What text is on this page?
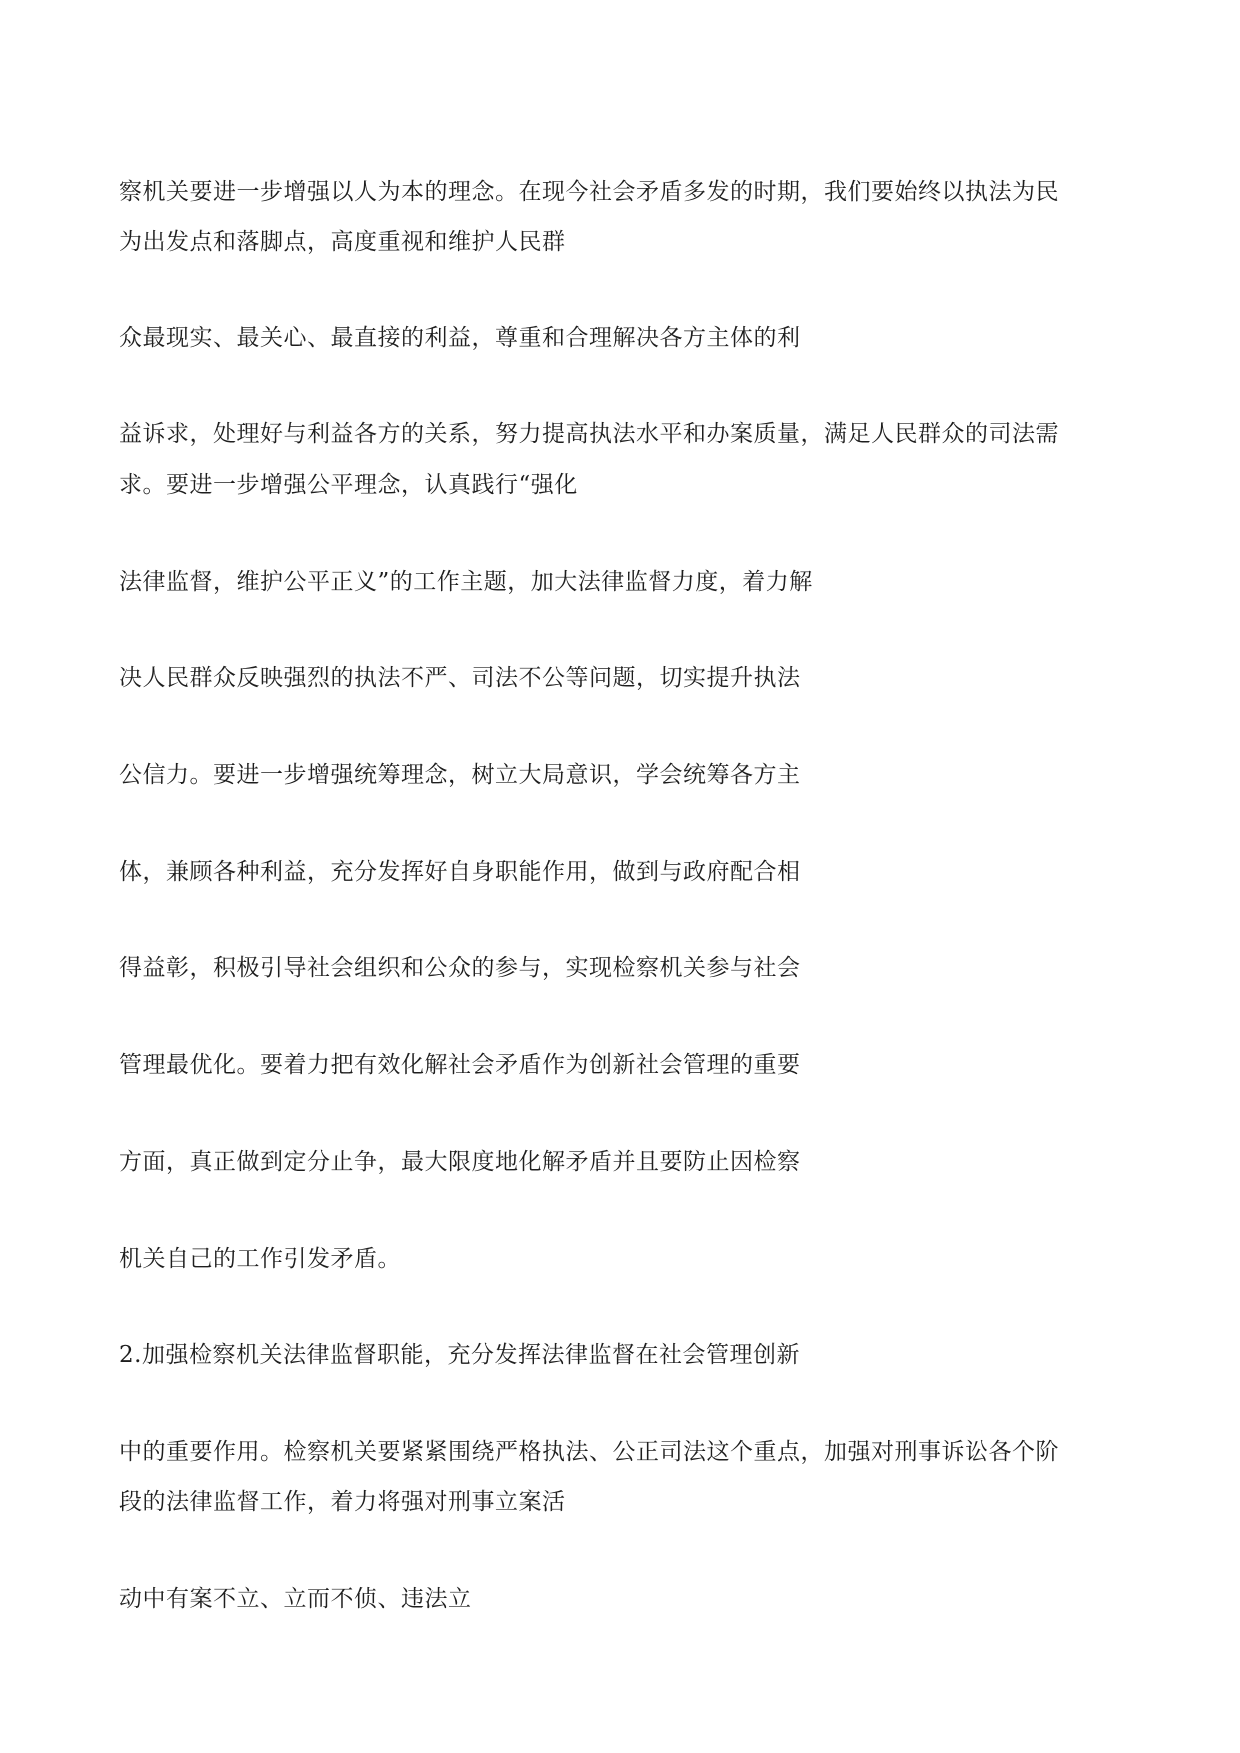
察机关要进一步增强以人为本的理念。在现今社会矛盾多发的时期，我们要始终以执法为民

为出发点和落脚点，高度重视和维护人民群

众最现实、最关心、最直接的利益，尊重和合理解决各方主体的利

益诉求，处理好与利益各方的关系，努力提高执法水平和办案质量，满足人民群众的司法需

求。要进一步增强公平理念，认真践行“强化

法律监督，维护公平正义”的工作主题，加大法律监督力度，着力解

决人民群众反映强烈的执法不严、司法不公等问题，切实提升执法

公信力。要进一步增强统筹理念，树立大局意识，学会统筹各方主

体，兼顾各种利益，充分发挥好自身职能作用，做到与政府配合相

得益彰，积极引导社会组织和公众的参与，实现检察机关参与社会

管理最优化。要着力把有效化解社会矛盾作为创新社会管理的重要

方面，真正做到定分止争，最大限度地化解矛盾并且要防止因检察

机关自己的工作引发矛盾。

2.加强检察机关法律监督职能，充分发挥法律监督在社会管理创新

中的重要作用。检察机关要紧紧围绕严格执法、公正司法这个重点，加强对刑事诉讼各个阶

段的法律监督工作，着力将强对刑事立案活

动中有案不立、立而不侦、违法立
